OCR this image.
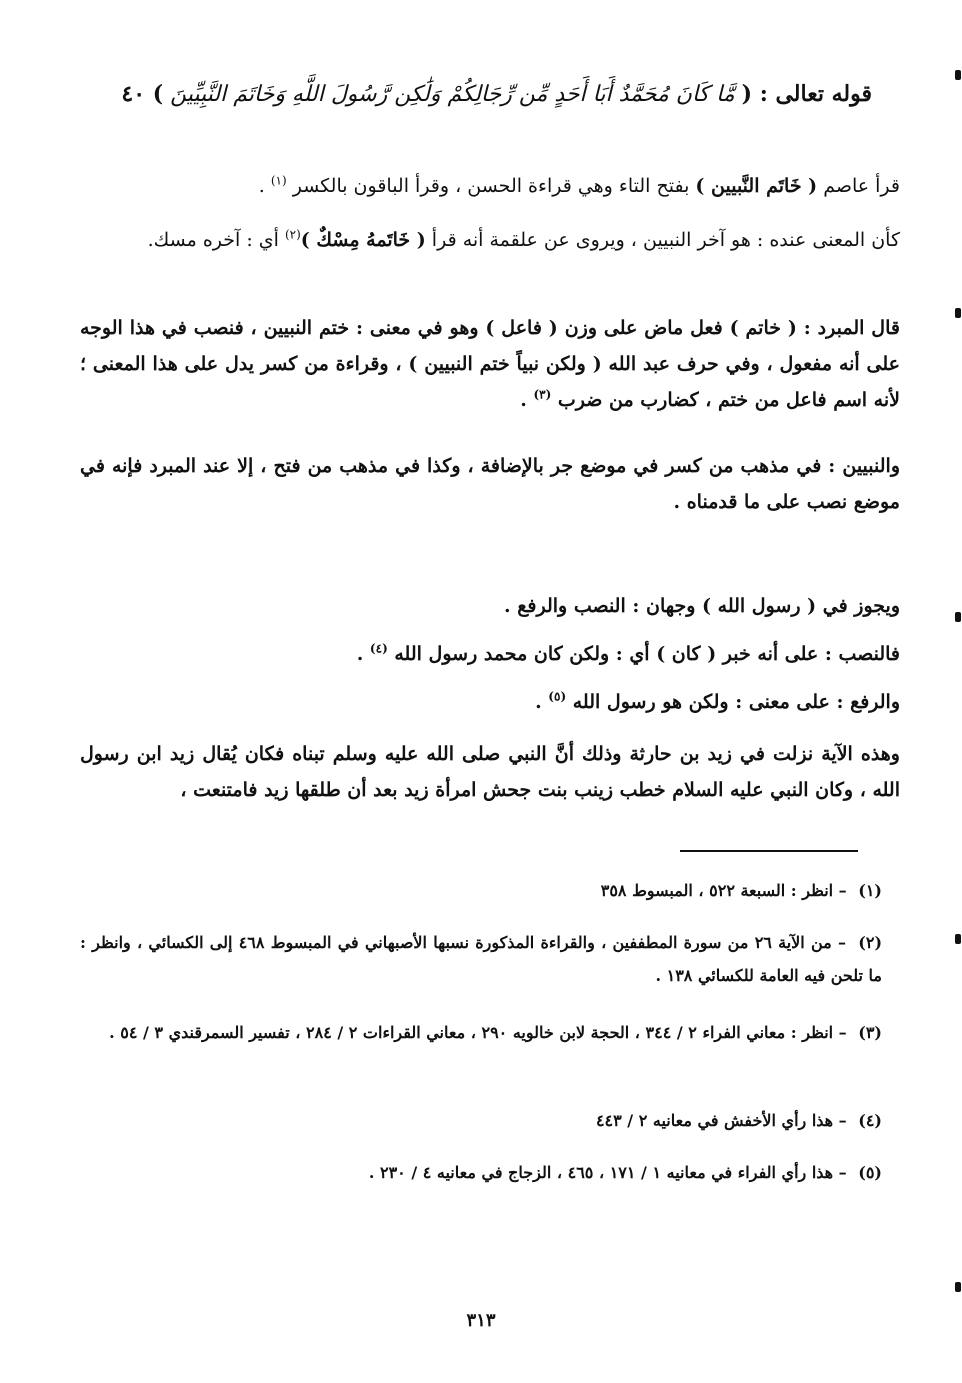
قوله تعالى : ( مَّا كَانَ مُحَمَّدٌ أَبَا أَحَدٍ مِّن رِّجَالِكُمْ وَلَٰكِن رَّسُولَ اللَّهِ وَخَاتَمَ النَّبِيِّينَ ) ٤٠
قرأ عاصم ( خَاتَم النَّبيين ) بفتح التاء وهي قراءة الحسن ، وقرأ الباقون بالكسر $^{(١)}$ .
كأن المعنى عنده : هو آخر النبيين ، ويروى عن علقمة أنه قرأ ( خَاتَمهُ مِسْكٌ )$^{(٢)}$ أي : آخره مسك.
قال المبرد : ( خاتم ) فعل ماض على وزن ( فاعل ) وهو في معنى : ختم النبيين ، فنصب في هذا الوجه على أنه مفعول ، وفي حرف عبد الله ( ولكن نبياً ختم النبيين ) ، وقراءة من كسر يدل على هذا المعنى ؛ لأنه اسم فاعل من ختم ، كضارب من ضرب $^{(٣)}$ .
والنبيين : في مذهب من كسر في موضع جر بالإضافة ، وكذا في مذهب من فتح ، إلا عند المبرد فإنه في موضع نصب على ما قدمناه .
ويجوز في ( رسول الله ) وجهان : النصب والرفع .
فالنصب : على أنه خبر ( كان ) أي : ولكن كان محمد رسول الله $^{(٤)}$ .
والرفع : على معنى : ولكن هو رسول الله $^{(٥)}$ .
وهذه الآية نزلت في زيد بن حارثة وذلك أنَّ النبي صلى الله عليه وسلم تبناه فكان يُقال زيد ابن رسول الله ، وكان النبي عليه السلام خطب زينب بنت جحش امرأة زيد بعد أن طلقها زيد فامتنعت ،
(١) – انظر : السبعة ٥٢٢ ، المبسوط ٣٥٨
(٢) – من الآية ٢٦ من سورة المطففين ، والقراءة المذكورة نسبها الأصبهاني في المبسوط ٤٦٨ إلى الكسائي ، وانظر : ما تلحن فيه العامة للكسائي ١٣٨ .
(٣) – انظر : معاني الفراء ٢ / ٣٤٤ ، الحجة لابن خالويه ٢٩٠ ، معاني القراءات ٢ / ٢٨٤ ، تفسير السمرقندي ٣ / ٥٤ .
(٤) – هذا رأي الأخفش في معانيه ٢ / ٤٤٣
(٥) – هذا رأي الفراء في معانيه ١ / ١٧١ ، ٤٦٥ ، الزجاج في معانيه ٤ / ٢٣٠ .
٣١٣
